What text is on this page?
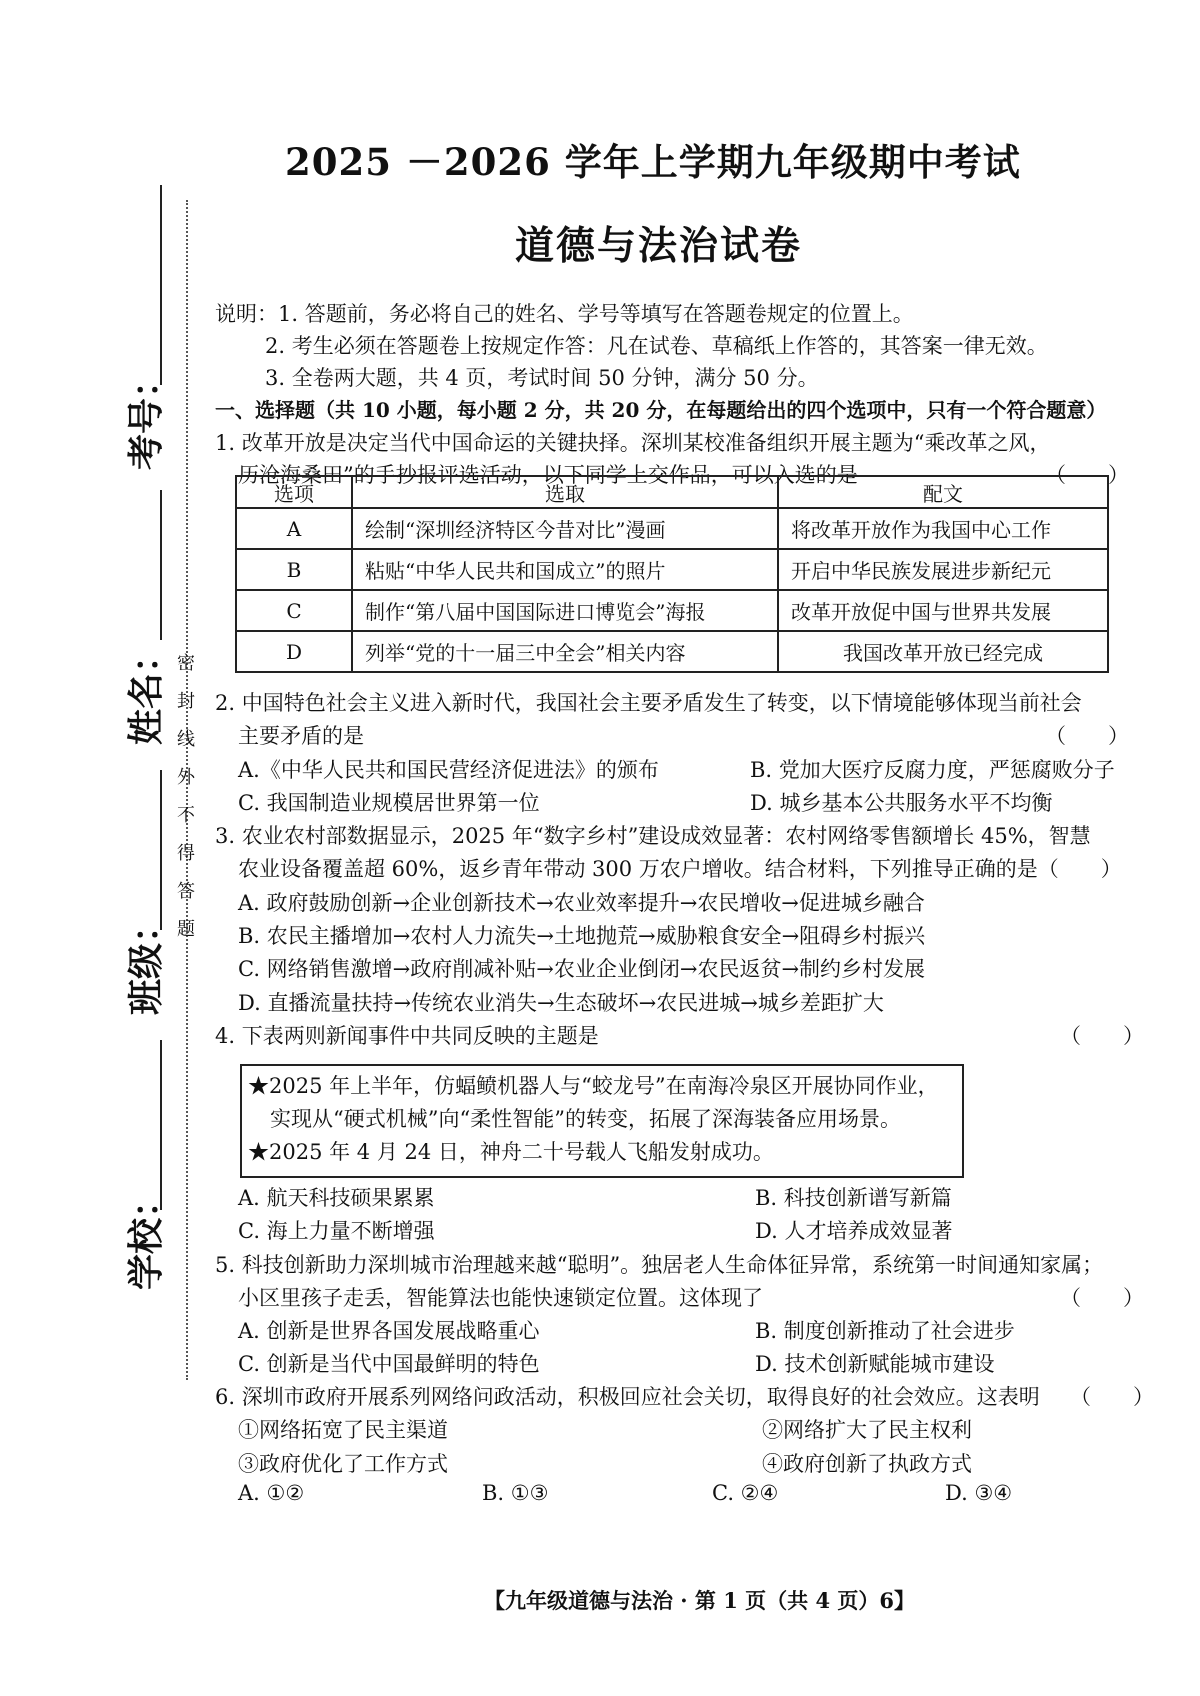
考号：
姓名：
班级：
学校：
密
封
线
外
不
得
答
题
2025 －2026 学年上学期九年级期中考试
道德与法治试卷
说明：1. 答题前，务必将自己的姓名、学号等填写在答题卷规定的位置上。
2. 考生必须在答题卷上按规定作答：凡在试卷、草稿纸上作答的，其答案一律无效。
3. 全卷两大题，共 4 页，考试时间 50 分钟，满分 50 分。
一、选择题（共 10 小题，每小题 2 分，共 20 分，在每题给出的四个选项中，只有一个符合题意）
1. 改革开放是决定当代中国命运的关键抉择。深圳某校准备组织开展主题为“乘改革之风，
历沧海桑田”的手抄报评选活动，以下同学上交作品，可以入选的是	（　　）
选项	选取	配文
A	绘制“深圳经济特区今昔对比”漫画	将改革开放作为我国中心工作
B	粘贴“中华人民共和国成立”的照片	开启中华民族发展进步新纪元
C	制作“第八届中国国际进口博览会”海报	改革开放促中国与世界共发展
D	列举“党的十一届三中全会”相关内容	我国改革开放已经完成
2. 中国特色社会主义进入新时代，我国社会主要矛盾发生了转变，以下情境能够体现当前社会
主要矛盾的是	（　　）
A.《中华人民共和国民营经济促进法》的颁布	B. 党加大医疗反腐力度，严惩腐败分子
C. 我国制造业规模居世界第一位	D. 城乡基本公共服务水平不均衡
3. 农业农村部数据显示，2025 年“数字乡村”建设成效显著：农村网络零售额增长 45%，智慧
农业设备覆盖超 60%，返乡青年带动 300 万农户增收。结合材料，下列推导正确的是（　　）
A. 政府鼓励创新→企业创新技术→农业效率提升→农民增收→促进城乡融合
B. 农民主播增加→农村人力流失→土地抛荒→威胁粮食安全→阻碍乡村振兴
C. 网络销售激增→政府削减补贴→农业企业倒闭→农民返贫→制约乡村发展
D. 直播流量扶持→传统农业消失→生态破坏→农民进城→城乡差距扩大
4. 下表两则新闻事件中共同反映的主题是	（　　）
★2025 年上半年，仿蝠鲼机器人与“蛟龙号”在南海冷泉区开展协同作业，
实现从“硬式机械”向“柔性智能”的转变，拓展了深海装备应用场景。
★2025 年 4 月 24 日，神舟二十号载人飞船发射成功。
A. 航天科技硕果累累	B. 科技创新谱写新篇
C. 海上力量不断增强	D. 人才培养成效显著
5. 科技创新助力深圳城市治理越来越“聪明”。独居老人生命体征异常，系统第一时间通知家属；
小区里孩子走丢，智能算法也能快速锁定位置。这体现了	（　　）
A. 创新是世界各国发展战略重心	B. 制度创新推动了社会进步
C. 创新是当代中国最鲜明的特色	D. 技术创新赋能城市建设
6. 深圳市政府开展系列网络问政活动，积极回应社会关切，取得良好的社会效应。这表明 （　　）
①网络拓宽了民主渠道	②网络扩大了民主权利
③政府优化了工作方式	④政府创新了执政方式
A. ①②	B. ①③	C. ②④	D. ③④
【九年级道德与法治 · 第 1 页（共 4 页）6】
